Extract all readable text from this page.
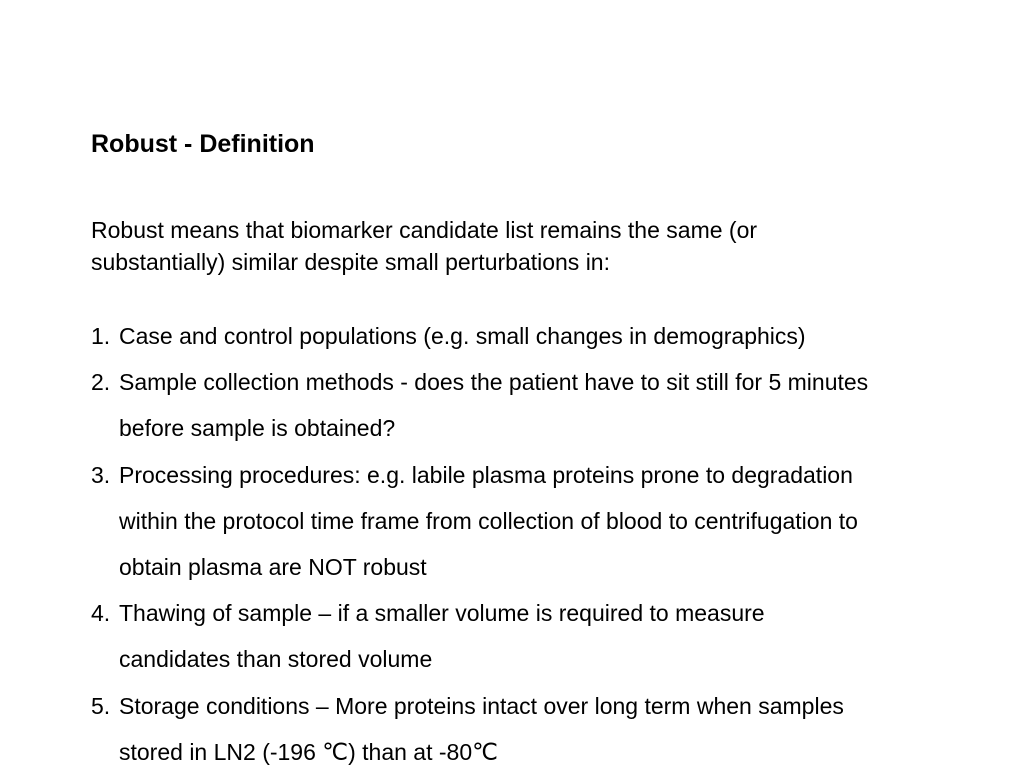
Robust - Definition
Robust means that biomarker candidate list remains the same (or
substantially) similar despite small perturbations in:
1. Case and control populations (e.g. small changes in demographics)
2. Sample collection methods - does the patient have to sit still for 5 minutes
before sample is obtained?
3. Processing procedures: e.g. labile plasma proteins prone to degradation
within the protocol time frame from collection of blood to centrifugation to
obtain plasma are NOT robust
4. Thawing of sample – if a smaller volume is required to measure
candidates than stored volume
5. Storage conditions – More proteins intact over long term when samples
stored in LN2 (-196 ℃) than at -80℃
